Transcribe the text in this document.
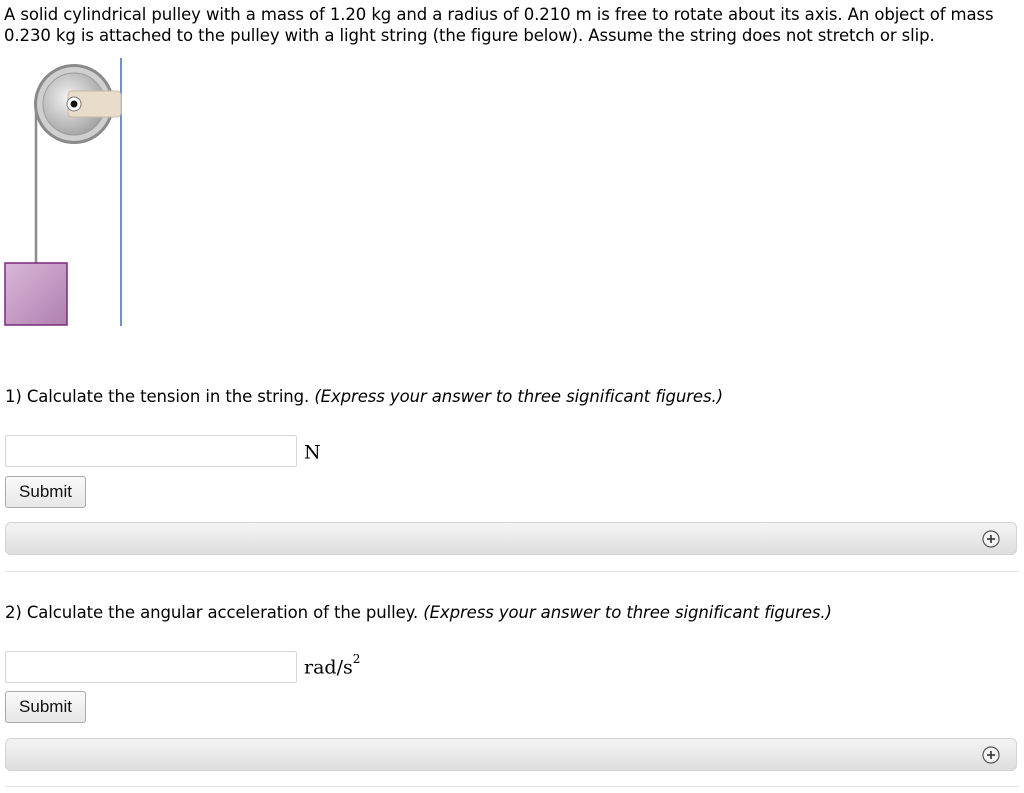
A solid cylindrical pulley with a mass of 1.20 kg and a radius of 0.210 m is free to rotate about its axis. An object of mass 0.230 kg is attached to the pulley with a light string (the figure below). Assume the string does not stretch or slip.

1) Calculate the tension in the string. (Express your answer to three significant figures.)

N
Submit

2) Calculate the angular acceleration of the pulley. (Express your answer to three significant figures.)

rad/$s^2$
Submit
